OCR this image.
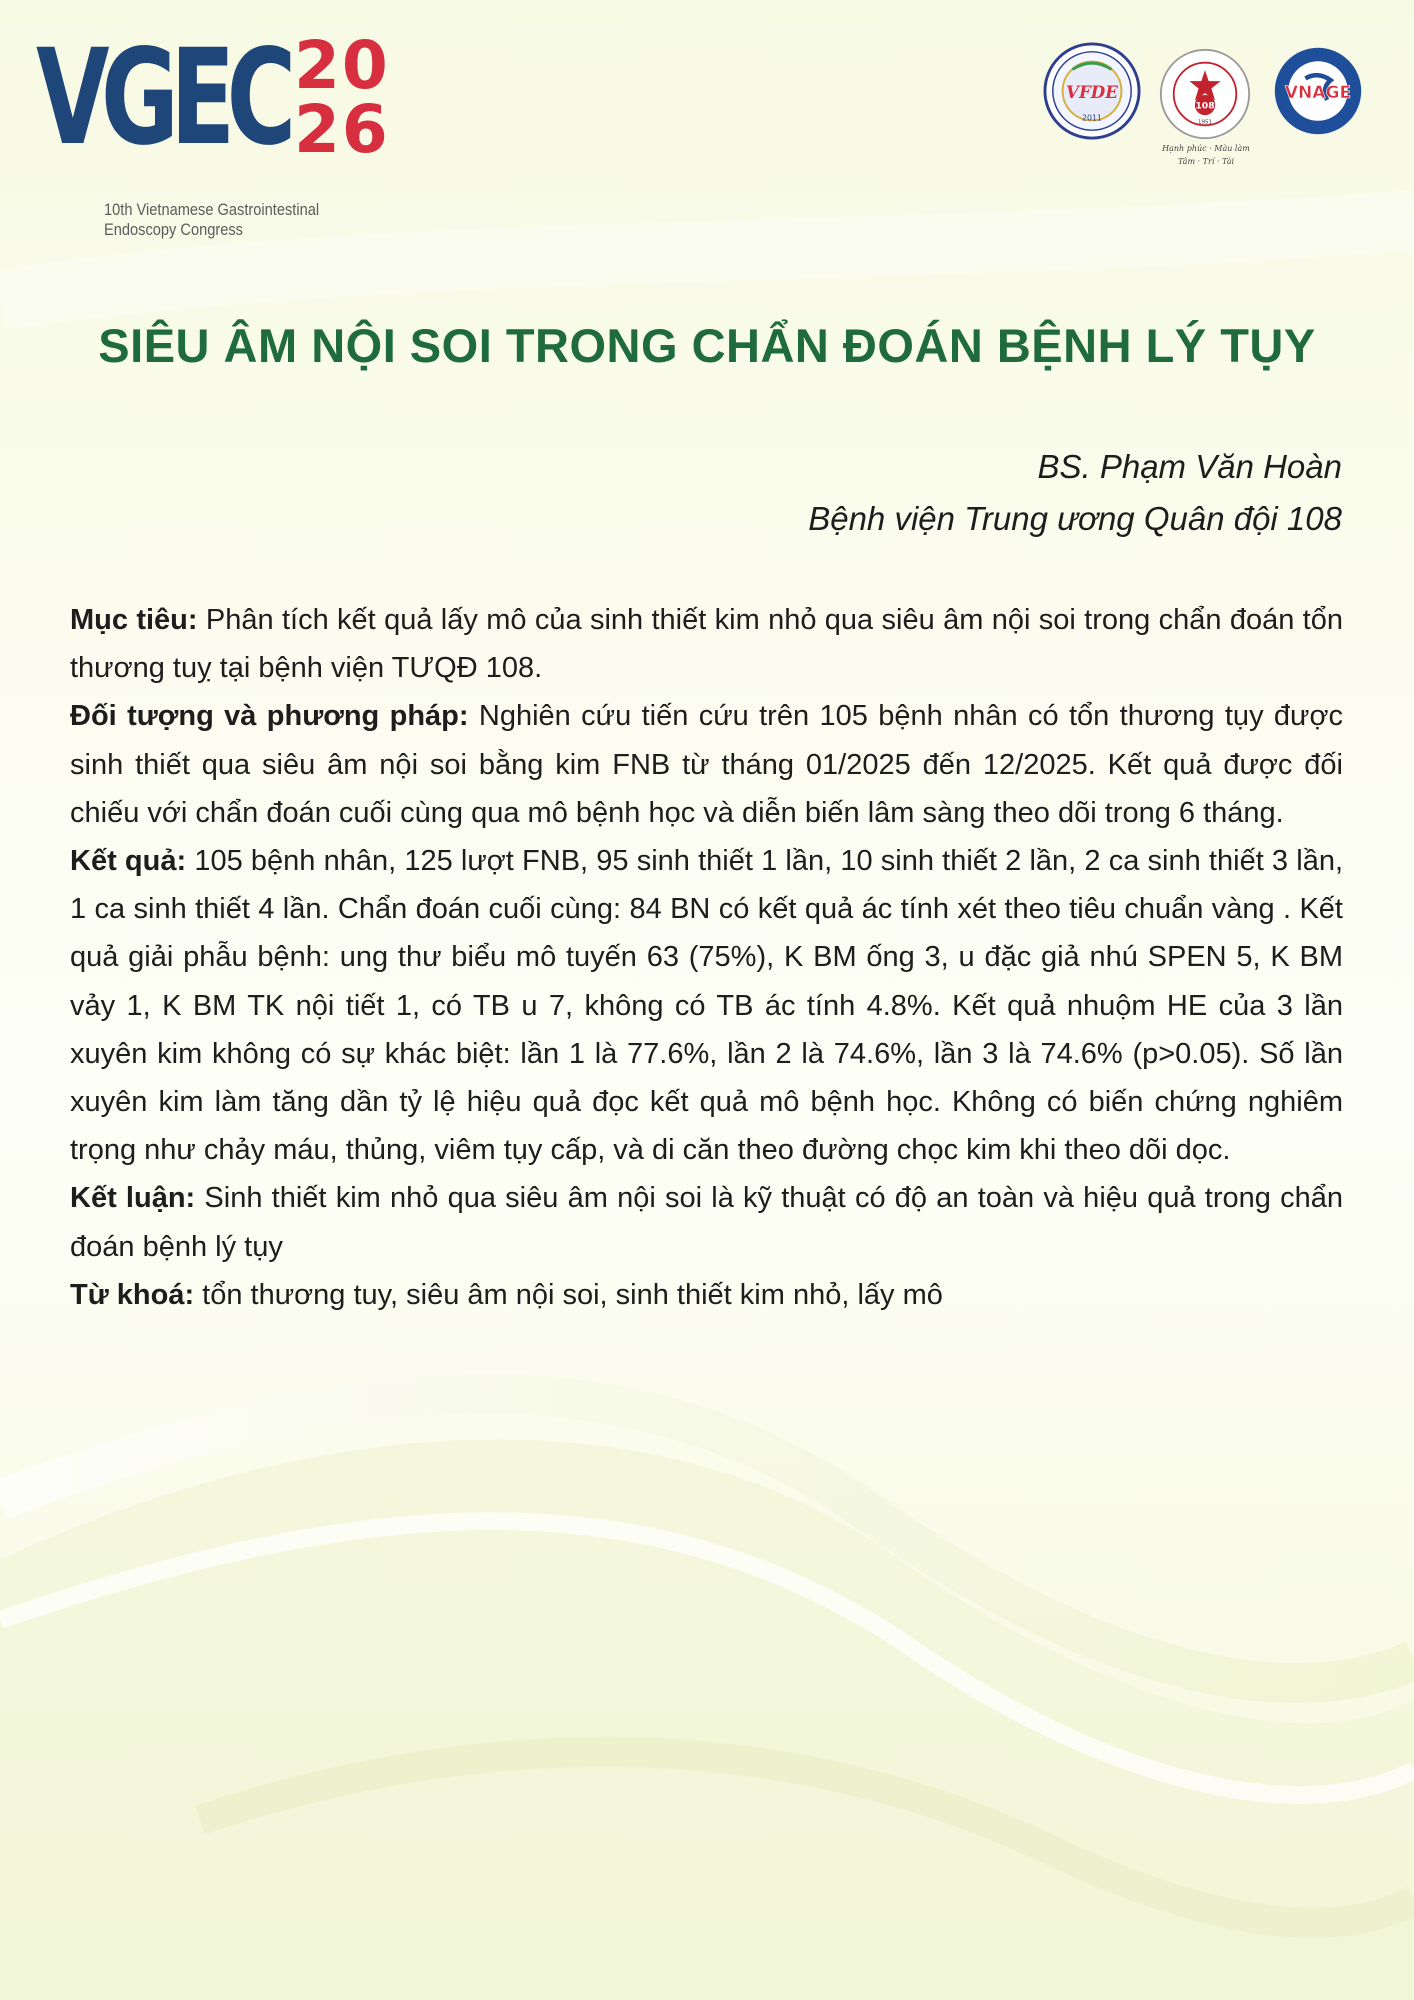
VGEC 20
26
10th Vietnamese Gastrointestinal
Endoscopy Congress
VFDE
2011
108
1951
Hạnh phúc · Màu làm
Tâm · Trí · Tài
VNAGE
SIÊU ÂM NỘI SOI TRONG CHẨN ĐOÁN BỆNH LÝ TỤY
BS. Phạm Văn Hoàn
Bệnh viện Trung ương Quân đội 108

Mục tiêu: Phân tích kết quả lấy mô của sinh thiết kim nhỏ qua siêu âm nội soi trong chẩn đoán tổn thương tuỵ tại bệnh viện TƯQĐ 108.

Đối tượng và phương pháp: Nghiên cứu tiến cứu trên 105 bệnh nhân có tổn thương tụy được sinh thiết qua siêu âm nội soi bằng kim FNB từ tháng 01/2025 đến 12/2025. Kết quả được đối chiếu với chẩn đoán cuối cùng qua mô bệnh học và diễn biến lâm sàng theo dõi trong 6 tháng.

Kết quả: 105 bệnh nhân, 125 lượt FNB, 95 sinh thiết 1 lần, 10 sinh thiết 2 lần, 2 ca sinh thiết 3 lần, 1 ca sinh thiết 4 lần. Chẩn đoán cuối cùng: 84 BN có kết quả ác tính xét theo tiêu chuẩn vàng . Kết quả giải phẫu bệnh: ung thư biểu mô tuyến 63 (75%), K BM ống 3, u đặc giả nhú SPEN 5, K BM vảy 1, K BM TK nội tiết 1, có TB u 7, không có TB ác tính 4.8%. Kết quả nhuộm HE của 3 lần xuyên kim không có sự khác biệt: lần 1 là 77.6%, lần 2 là 74.6%, lần 3 là 74.6% (p>0.05). Số lần xuyên kim làm tăng dần tỷ lệ hiệu quả đọc kết quả mô bệnh học. Không có biến chứng nghiêm trọng như chảy máu, thủng, viêm tụy cấp, và di căn theo đường chọc kim khi theo dõi dọc.

Kết luận: Sinh thiết kim nhỏ qua siêu âm nội soi là kỹ thuật có độ an toàn và hiệu quả trong chẩn đoán bệnh lý tụy

Từ khoá: tổn thương tuy, siêu âm nội soi, sinh thiết kim nhỏ, lấy mô
